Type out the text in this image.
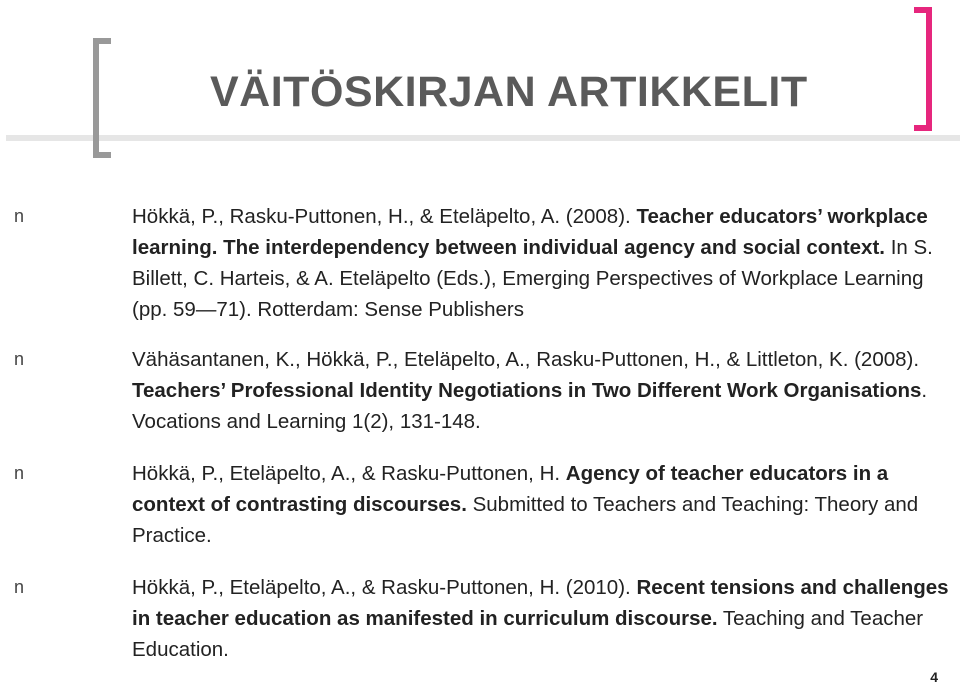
VÄITÖSKIRJAN ARTIKKELIT
n	Hökkä, P., Rasku-Puttonen, H., & Eteläpelto, A. (2008). Teacher educators’ workplace learning. The interdependency between individual agency and social context. In S. Billett, C. Harteis, & A. Eteläpelto (Eds.), Emerging Perspectives of Workplace Learning (pp. 59—71). Rotterdam: Sense Publishers
n	Vähäsantanen, K., Hökkä, P., Eteläpelto, A., Rasku-Puttonen, H., & Littleton, K. (2008). Teachers’ Professional Identity Negotiations in Two Different Work Organisations. Vocations and Learning 1(2), 131-148.
n	Hökkä, P., Eteläpelto, A., & Rasku-Puttonen, H. Agency of teacher educators in a context of contrasting discourses. Submitted to Teachers and Teaching: Theory and Practice.
n	Hökkä, P., Eteläpelto, A., & Rasku-Puttonen, H. (2010). Recent tensions and challenges in teacher education as manifested in curriculum discourse. Teaching and Teacher Education.
4
